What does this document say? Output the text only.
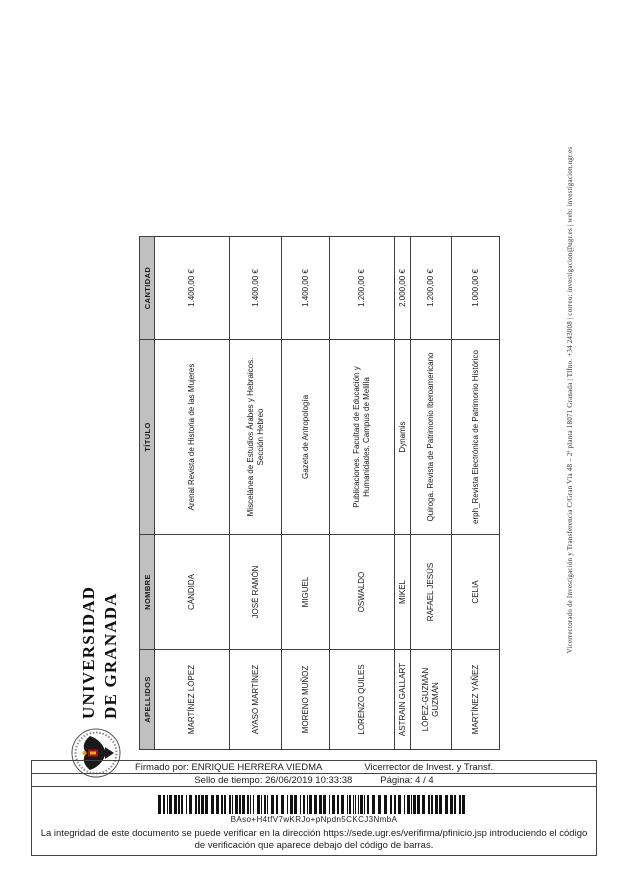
Vicerrectorado de Investigación y Transferencia C/Gran Vía 48 – 2ª planta 18071 Granada | Tlfno. +34 243008 | correo: investigacion@ugr.es | web: investigacion.ugr.es
UNIVERSIDAD DE GRANADA	APELLIDOS	NOMBRE	TÍTULO	CANTIDAD
MARTÍNEZ LÓPEZ	CÁNDIDA	Arenal Revista de Historia de las Mujeres	1.400,00 €
AYASO MARTÍNEZ	JOSÉ RAMÓN	Miscelánea de Estudios Árabes y Hebraicos. Sección Hebreo	1.400,00 €
MORENO MUÑOZ	MIGUEL	Gazeta de Antropología	1.400,00 €
LORENZO QUILES	OSWALDO	Publicaciones. Facultad de Educación y Humanidades. Campus de Melilla	1.200,00 €
ASTRAIN GALLART	MIKEL	Dynamis	2.000,00 €
LÓPEZ-GUZMÁN GUZMÁN	RAFAEL JESÚS	Quiroga. Revista de Patrimonio Iberoamericano	1.200,00 €
MARTÍNEZ YÁÑEZ	CELIA	erph_Revista Electrónica de Patrimonio Histórico	1.000,00 €
Firmado por: ENRIQUE HERRERA VIEDMA	Vicerrector de Invest. y Transf.
Sello de tiempo: 26/06/2019 10:33:38	Página: 4 / 4
BAso+H4tfV7wKRJo+pNpdn5CKCJ3NmbA
La integridad de este documento se puede verificar en la dirección https://sede.ugr.es/verifirma/pfinicio.jsp introduciendo el código de verificación que aparece debajo del código de barras.
